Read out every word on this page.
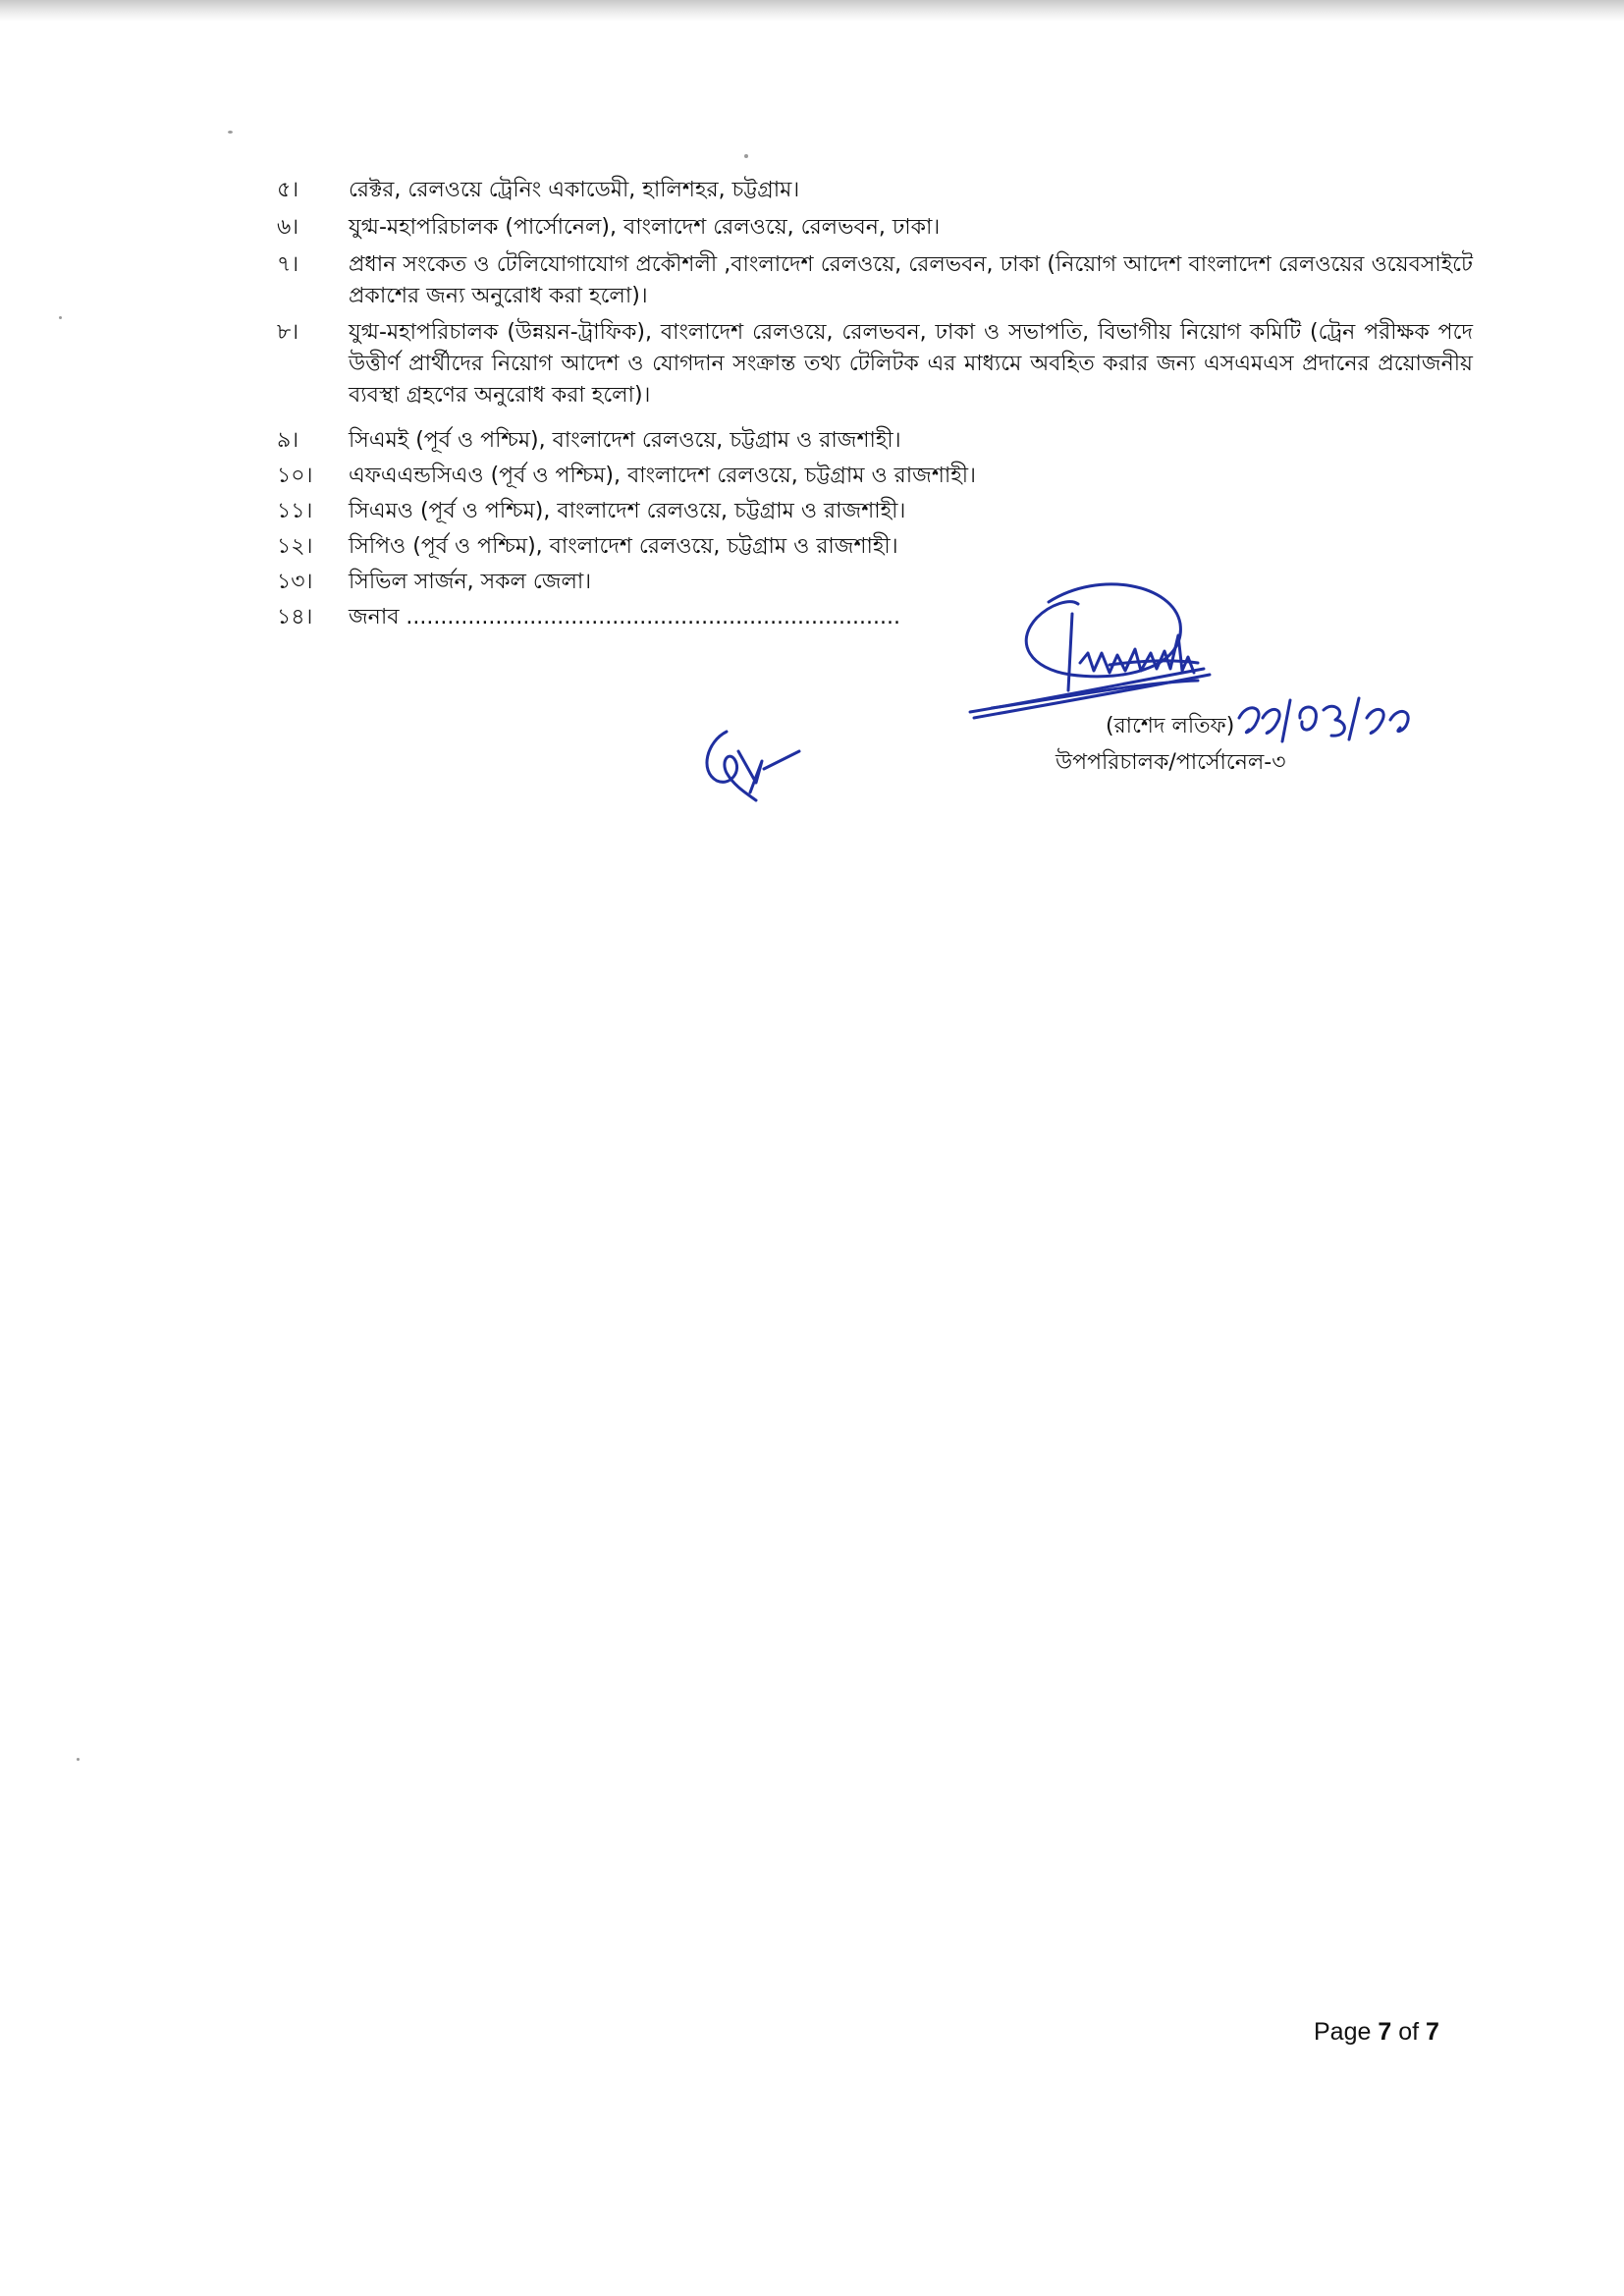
৫।	রেক্টর, রেলওয়ে ট্রেনিং একাডেমী, হালিশহর, চট্টগ্রাম।
৬।	যুগ্ম-মহাপরিচালক (পার্সোনেল), বাংলাদেশ রেলওয়ে, রেলভবন, ঢাকা।
৭।	প্রধান সংকেত ও টেলিযোগাযোগ প্রকৌশলী ,বাংলাদেশ রেলওয়ে, রেলভবন, ঢাকা (নিয়োগ আদেশ বাংলাদেশ রেলওয়ের ওয়েবসাইটে প্রকাশের জন্য অনুরোধ করা হলো)।
৮।	যুগ্ম-মহাপরিচালক (উন্নয়ন-ট্রাফিক), বাংলাদেশ রেলওয়ে, রেলভবন, ঢাকা ও সভাপতি, বিভাগীয় নিয়োগ কমিটি (ট্রেন পরীক্ষক পদে উত্তীর্ণ প্রার্থীদের নিয়োগ আদেশ ও যোগদান সংক্রান্ত তথ্য টেলিটক এর মাধ্যমে অবহিত করার জন্য এসএমএস প্রদানের প্রয়োজনীয় ব্যবস্থা গ্রহণের অনুরোধ করা হলো)।
৯।	সিএমই (পূর্ব ও পশ্চিম), বাংলাদেশ রেলওয়ে, চট্টগ্রাম ও রাজশাহী।
১০।	এফএএন্ডসিএও (পূর্ব ও পশ্চিম), বাংলাদেশ রেলওয়ে, চট্টগ্রাম ও রাজশাহী।
১১।	সিএমও (পূর্ব ও পশ্চিম), বাংলাদেশ রেলওয়ে, চট্টগ্রাম ও রাজশাহী।
১২।	সিপিও (পূর্ব ও পশ্চিম), বাংলাদেশ রেলওয়ে, চট্টগ্রাম ও রাজশাহী।
১৩।	সিভিল সার্জন, সকল জেলা।
১৪।	জনাব ........................................................................
(রাশেদ লতিফ)
উপপরিচালক/পার্সোনেল-৩
Page 7 of 7
